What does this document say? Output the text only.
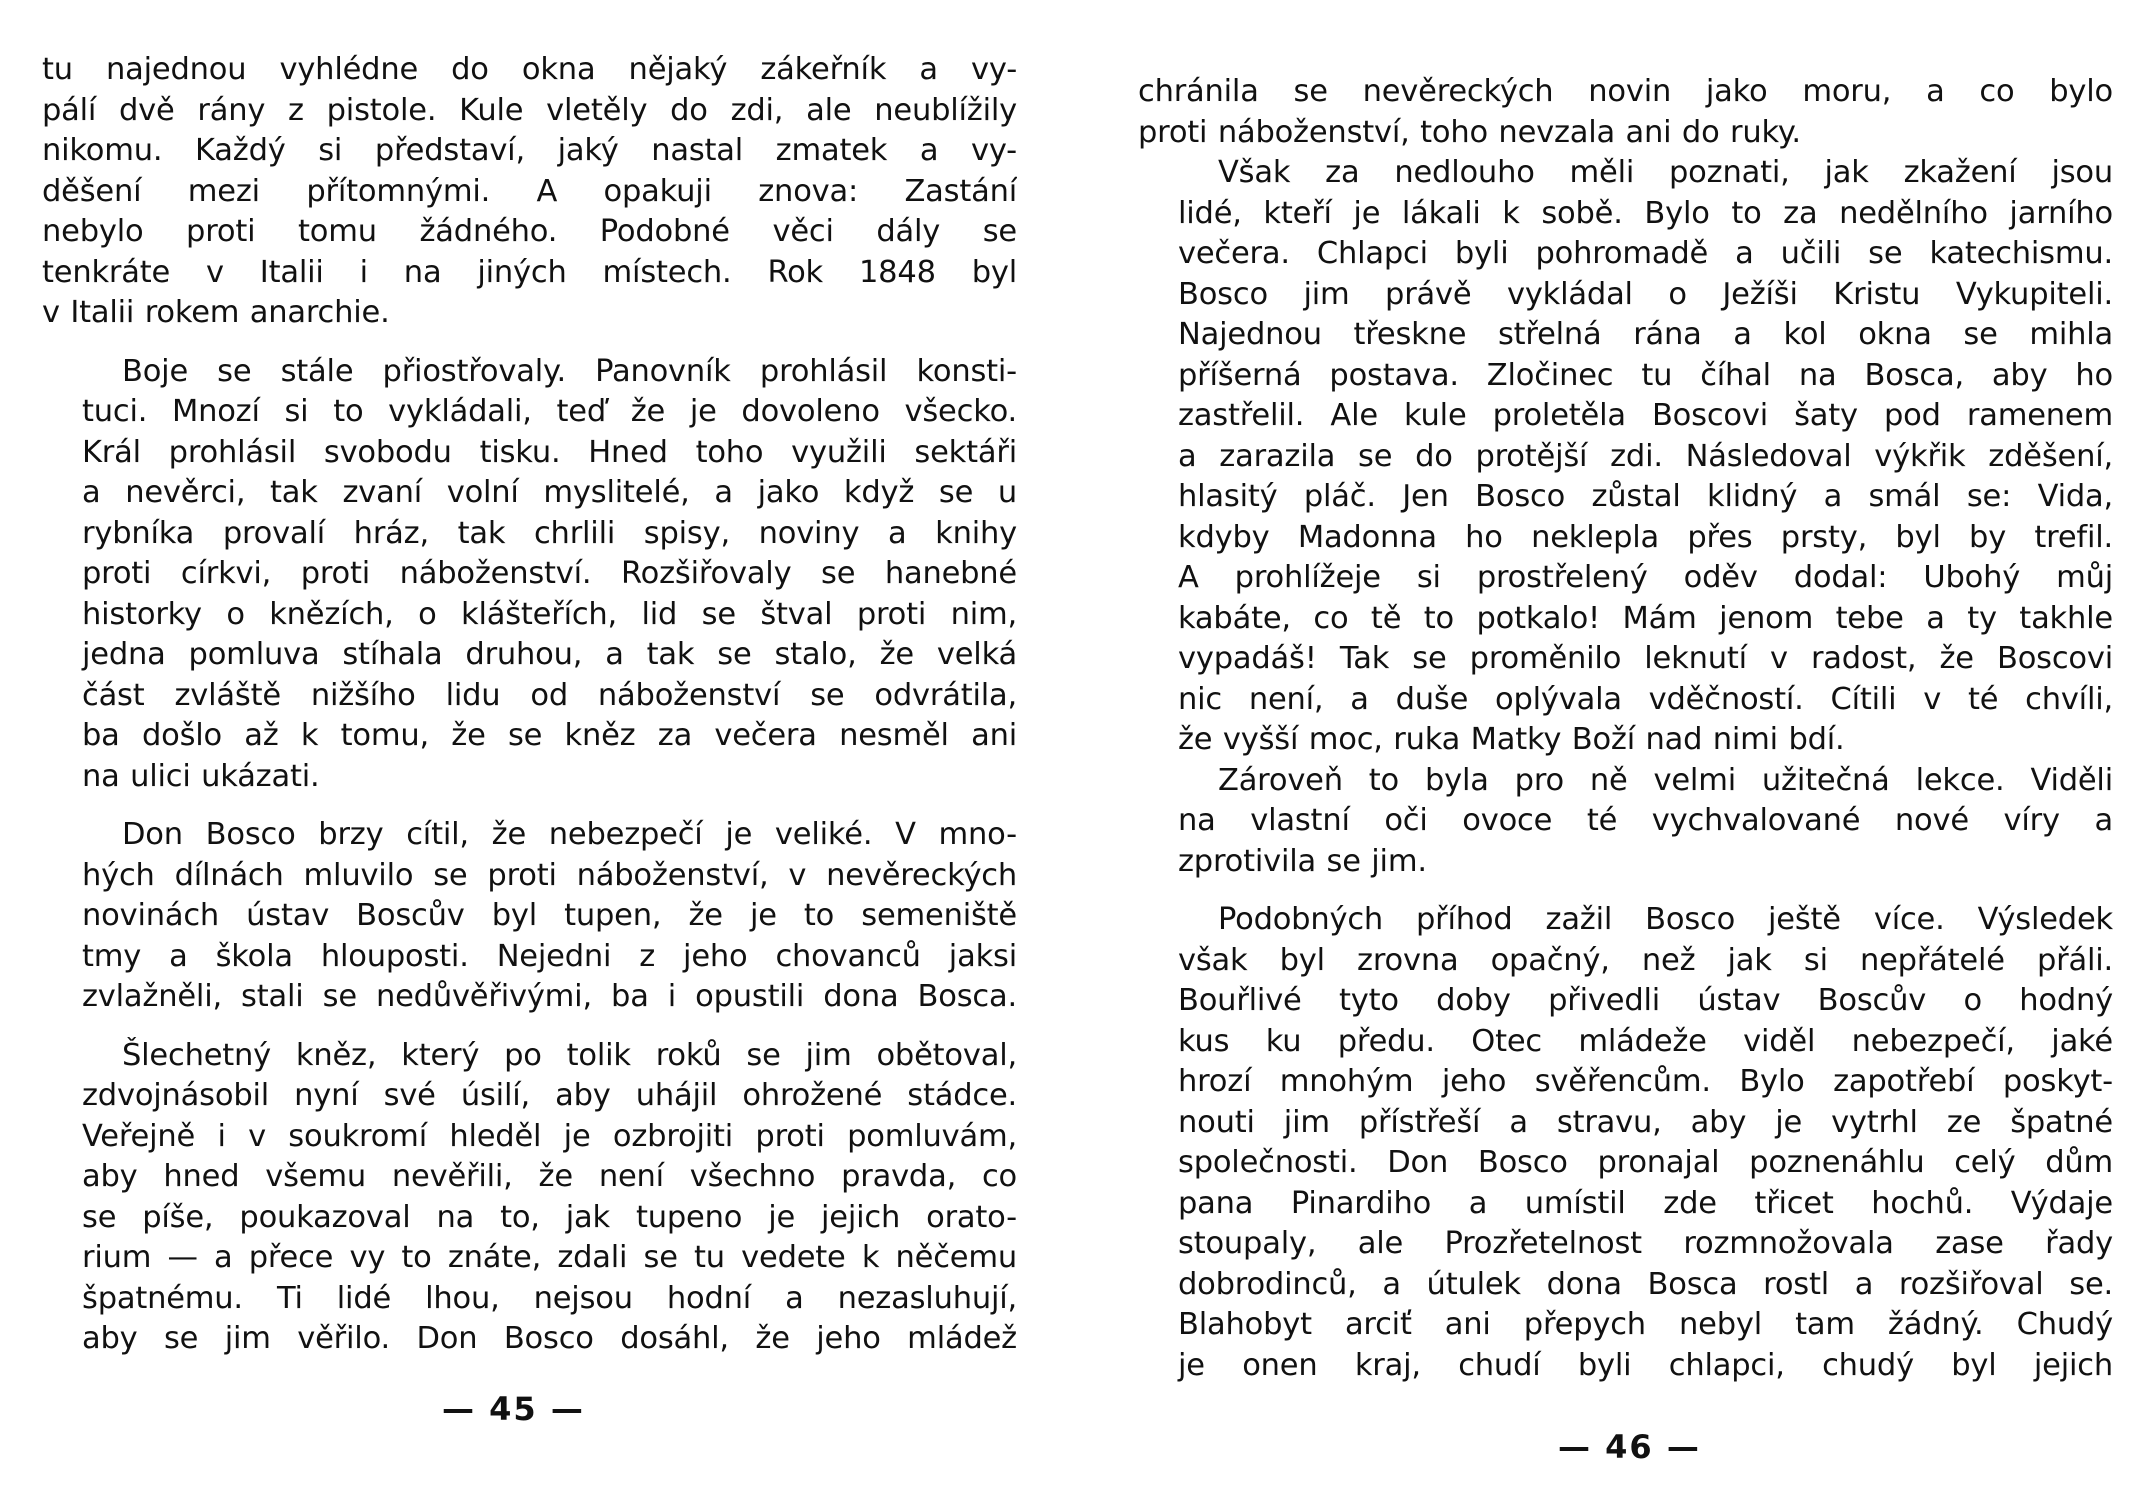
tu najednou vyhlédne do okna nějaký zákeřník a vy-
pálí dvě rány z pistole. Kule vletěly do zdi, ale neublížily
nikomu. Každý si představí, jaký nastal zmatek a vy-
děšení mezi přítomnými. A opakuji znova: Zastání
nebylo proti tomu žádného. Podobné věci dály se
tenkráte v Italii i na jiných místech. Rok 1848 byl
v Italii rokem anarchie.

Boje se stále přiostřovaly. Panovník prohlásil konsti-
tuci. Mnozí si to vykládali, teď že je dovoleno všecko.
Král prohlásil svobodu tisku. Hned toho využili sektáři
a nevěrci, tak zvaní volní myslitelé, a jako když se u
rybníka provalí hráz, tak chrlili spisy, noviny a knihy
proti církvi, proti náboženství. Rozšiřovaly se hanebné
historky o knězích, o klášteřích, lid se štval proti nim,
jedna pomluva stíhala druhou, a tak se stalo, že velká
část zvláště nižšího lidu od náboženství se odvrátila,
ba došlo až k tomu, že se kněz za večera nesměl ani
na ulici ukázati.

Don Bosco brzy cítil, že nebezpečí je veliké. V mno-
hých dílnách mluvilo se proti náboženství, v nevěreckých
novinách ústav Boscův byl tupen, že je to semeniště
tmy a škola hlouposti. Nejedni z jeho chovanců jaksi
zvlažněli, stali se nedůvěřivými, ba i opustili dona Bosca.

Šlechetný kněz, který po tolik roků se jim obětoval,
zdvojnásobil nyní své úsilí, aby uhájil ohrožené stádce.
Veřejně i v soukromí hleděl je ozbrojiti proti pomluvám,
aby hned všemu nevěřili, že není všechno pravda, co
se píše, poukazoval na to, jak tupeno je jejich orato-
rium — a přece vy to znáte, zdali se tu vedete k něčemu
špatnému. Ti lidé lhou, nejsou hodní a nezasluhují,
aby se jim věřilo. Don Bosco dosáhl, že jeho mládež

— 45 —

chránila se nevěreckých novin jako moru, a co bylo
proti náboženství, toho nevzala ani do ruky.

Však za nedlouho měli poznati, jak zkažení jsou
lidé, kteří je lákali k sobě. Bylo to za nedělního jarního
večera. Chlapci byli pohromadě a učili se katechismu.
Bosco jim právě vykládal o Ježíši Kristu Vykupiteli.
Najednou třeskne střelná rána a kol okna se mihla
příšerná postava. Zločinec tu číhal na Bosca, aby ho
zastřelil. Ale kule proletěla Boscovi šaty pod ramenem
a zarazila se do protější zdi. Následoval výkřik zděšení,
hlasitý pláč. Jen Bosco zůstal klidný a smál se: Vida,
kdyby Madonna ho neklepla přes prsty, byl by trefil.
A prohlížeje si prostřelený oděv dodal: Ubohý můj
kabáte, co tě to potkalo! Mám jenom tebe a ty takhle
vypadáš! Tak se proměnilo leknutí v radost, že Boscovi
nic není, a duše oplývala vděčností. Cítili v té chvíli,
že vyšší moc, ruka Matky Boží nad nimi bdí.

Zároveň to byla pro ně velmi užitečná lekce. Viděli
na vlastní oči ovoce té vychvalované nové víry a
zprotivila se jim.

Podobných příhod zažil Bosco ještě více. Výsledek
však byl zrovna opačný, než jak si nepřátelé přáli.
Bouřlivé tyto doby přivedli ústav Boscův o hodný
kus ku předu. Otec mládeže viděl nebezpečí, jaké
hrozí mnohým jeho svěřencům. Bylo zapotřebí poskyt-
nouti jim přístřeší a stravu, aby je vytrhl ze špatné
společnosti. Don Bosco pronajal poznenáhlu celý dům
pana Pinardiho a umístil zde třicet hochů. Výdaje
stoupaly, ale Prozřetelnost rozmnožovala zase řady
dobrodinců, a útulek dona Bosca rostl a rozšiřoval se.
Blahobyt arciť ani přepych nebyl tam žádný. Chudý
je onen kraj, chudí byli chlapci, chudý byl jejich

— 46 —
